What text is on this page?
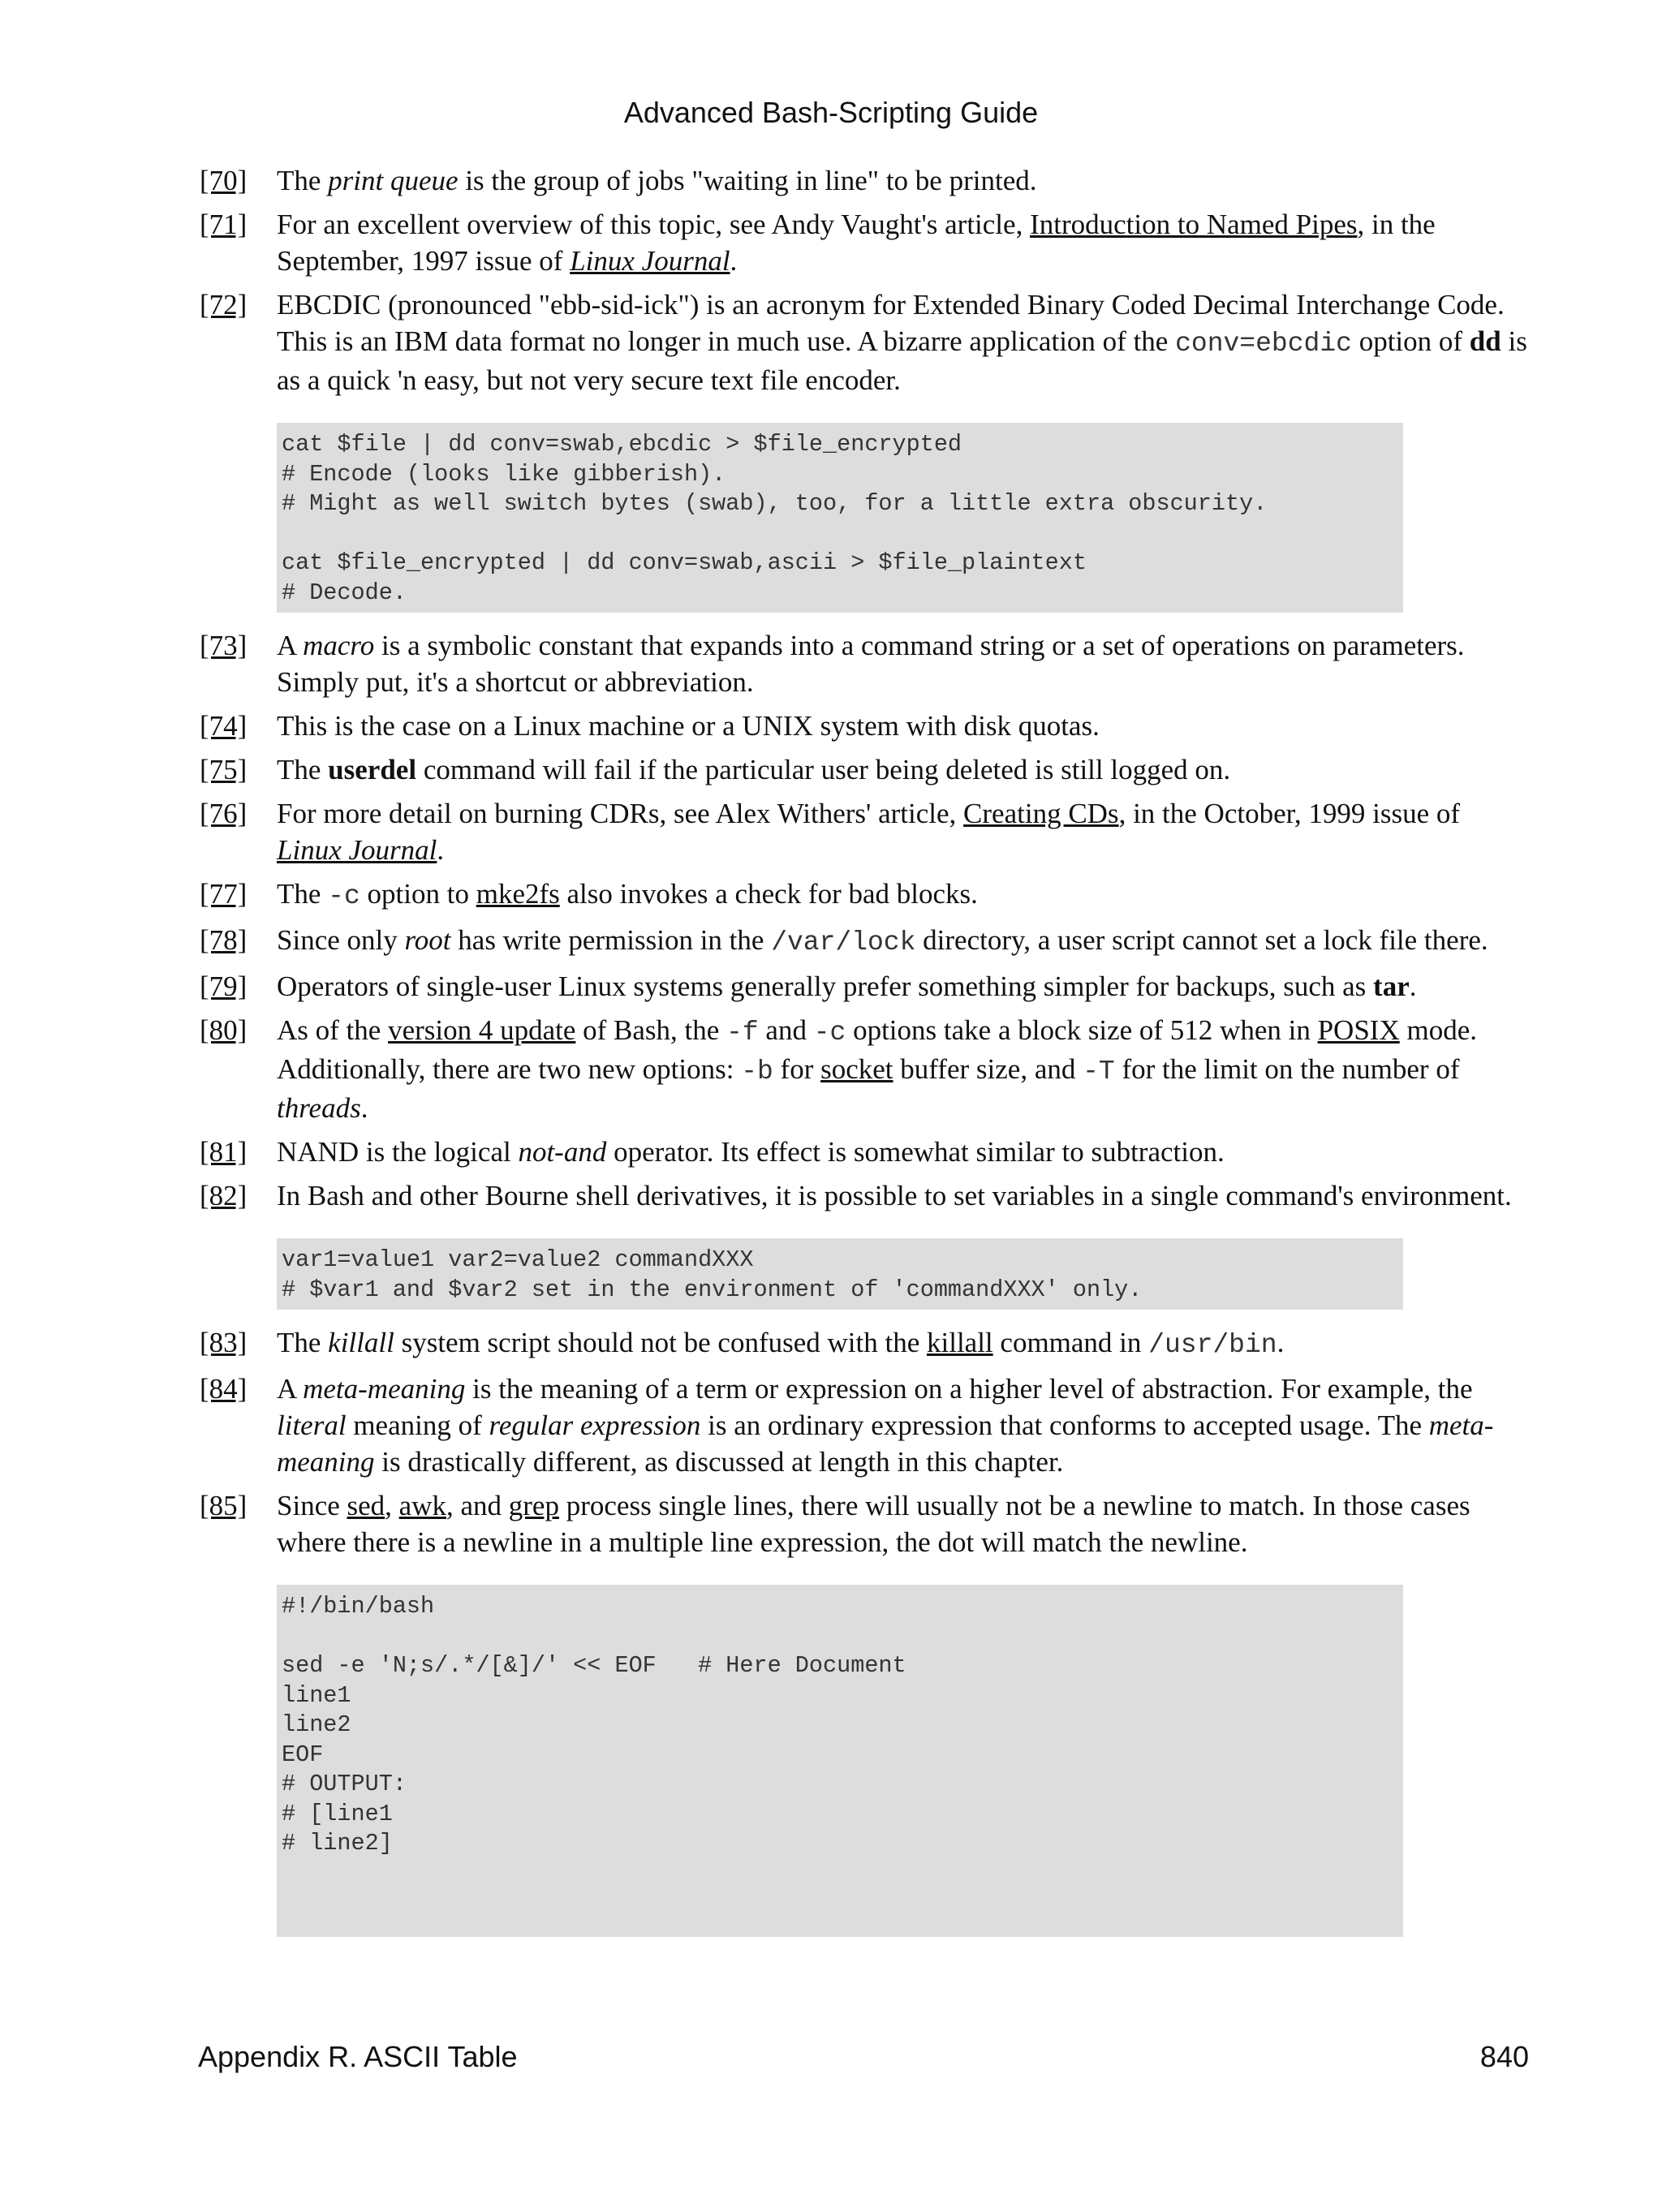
Advanced Bash-Scripting Guide
[70]	The print queue is the group of jobs "waiting in line" to be printed.

[71]	For an excellent overview of this topic, see Andy Vaught's article, Introduction to Named Pipes, in the September, 1997 issue of Linux Journal.

[72]	EBCDIC (pronounced "ebb-sid-ick") is an acronym for Extended Binary Coded Decimal Interchange Code. This is an IBM data format no longer in much use. A bizarre application of the conv=ebcdic option of dd is as a quick 'n easy, but not very secure text file encoder.

cat $file | dd conv=swab,ebcdic > $file_encrypted
# Encode (looks like gibberish).
# Might as well switch bytes (swab), too, for a little extra obscurity.

cat $file_encrypted | dd conv=swab,ascii > $file_plaintext
# Decode.
[73]	A macro is a symbolic constant that expands into a command string or a set of operations on parameters. Simply put, it's a shortcut or abbreviation.

[74]	This is the case on a Linux machine or a UNIX system with disk quotas.

[75]	The userdel command will fail if the particular user being deleted is still logged on.

[76]	For more detail on burning CDRs, see Alex Withers' article, Creating CDs, in the October, 1999 issue of Linux Journal.

[77]	The -c option to mke2fs also invokes a check for bad blocks.

[78]	Since only root has write permission in the /var/lock directory, a user script cannot set a lock file there.

[79]	Operators of single-user Linux systems generally prefer something simpler for backups, such as tar.

[80]	As of the version 4 update of Bash, the -f and -c options take a block size of 512 when in POSIX mode. Additionally, there are two new options: -b for socket buffer size, and -T for the limit on the number of threads.

[81]	NAND is the logical not-and operator. Its effect is somewhat similar to subtraction.

[82]	In Bash and other Bourne shell derivatives, it is possible to set variables in a single command's environment.

var1=value1 var2=value2 commandXXX
# $var1 and $var2 set in the environment of 'commandXXX' only.
[83]	The killall system script should not be confused with the killall command in /usr/bin.

[84]	A meta-meaning is the meaning of a term or expression on a higher level of abstraction. For example, the literal meaning of regular expression is an ordinary expression that conforms to accepted usage. The meta-meaning is drastically different, as discussed at length in this chapter.

[85]	Since sed, awk, and grep process single lines, there will usually not be a newline to match. In those cases where there is a newline in a multiple line expression, the dot will match the newline.

#!/bin/bash

sed -e 'N;s/.*/[&]/' << EOF   # Here Document
line1
line2
EOF
# OUTPUT:
# [line1
# line2]
Appendix R. ASCII Table	840
